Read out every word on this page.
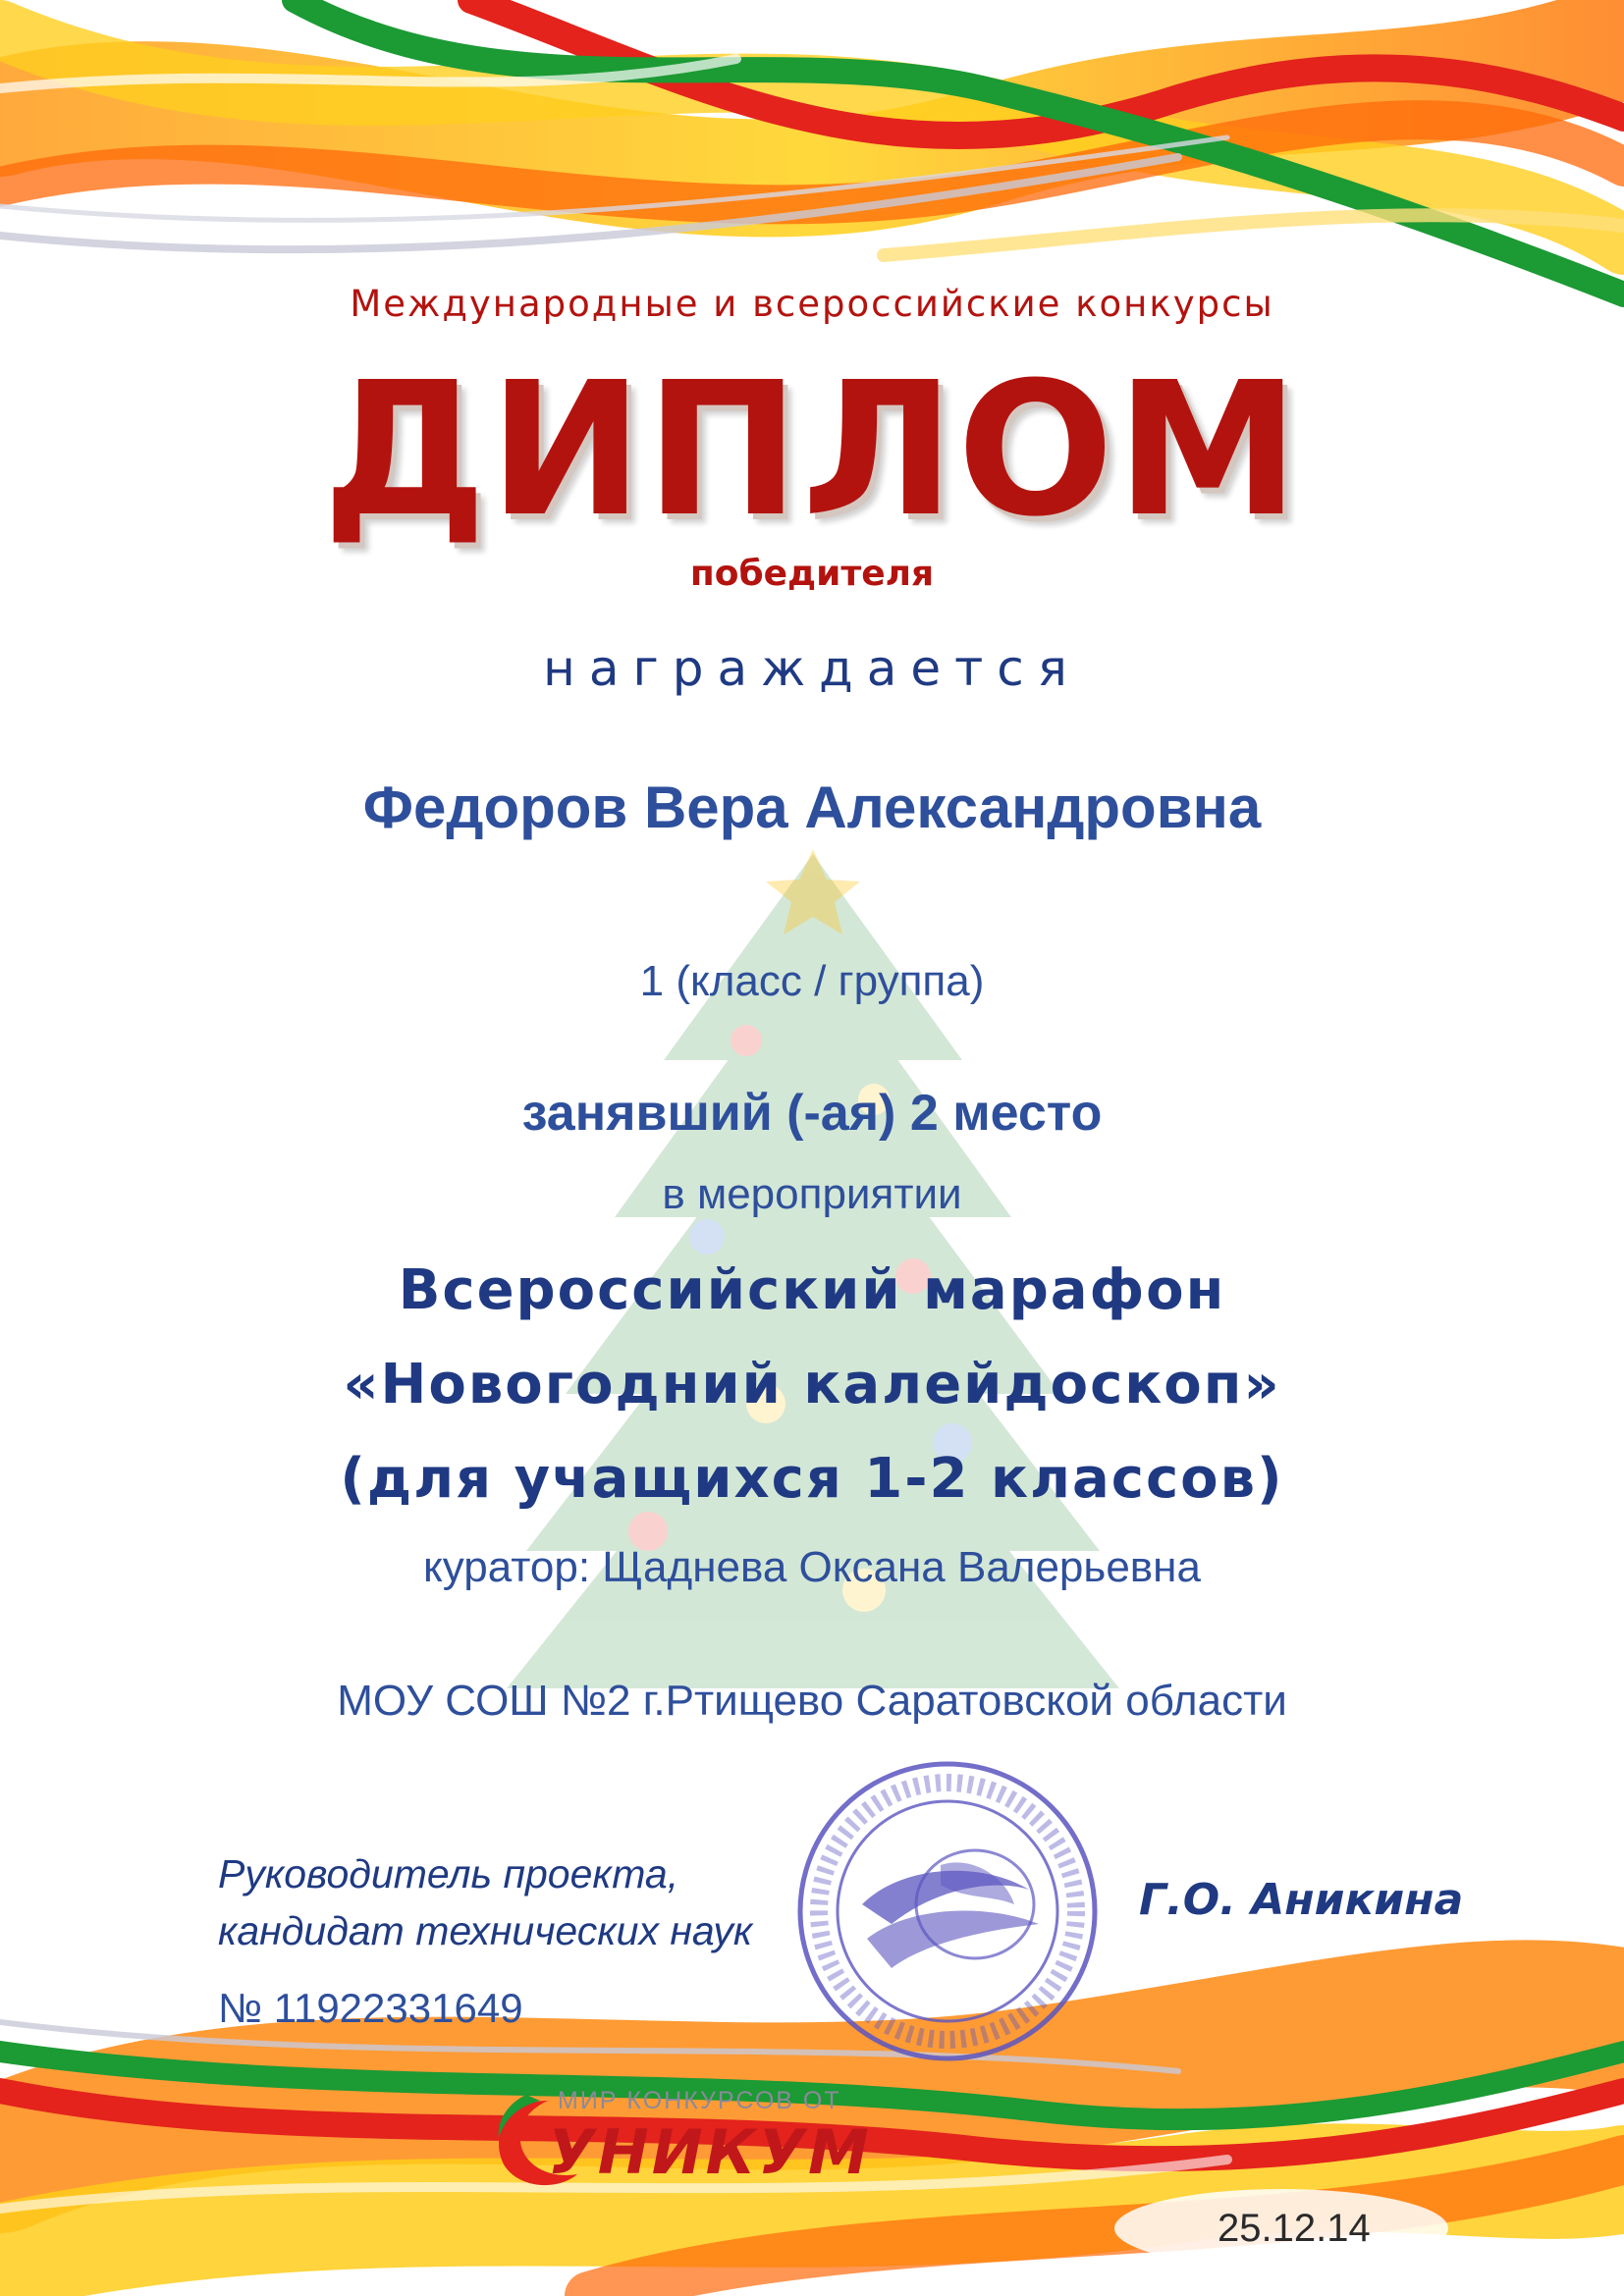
Международные и всероссийские конкурсы
ДИПЛОМ
победителя
награждается
Федоров Вера Александровна
1 (класс / группа)
занявший (-ая) 2 место
в мероприятии
Всероссийский марафон
«Новогодний калейдоскоп»
(для учащихся 1-2 классов)
куратор: Щаднева Оксана Валерьевна
МОУ СОШ №2 г.Ртищево Саратовской области
Руководитель проекта,
кандидат технических наук
Г.О. Аникина
№ 11922331649
МИР КОНКУРСОВ ОТ
УНИКУМ
25.12.14
